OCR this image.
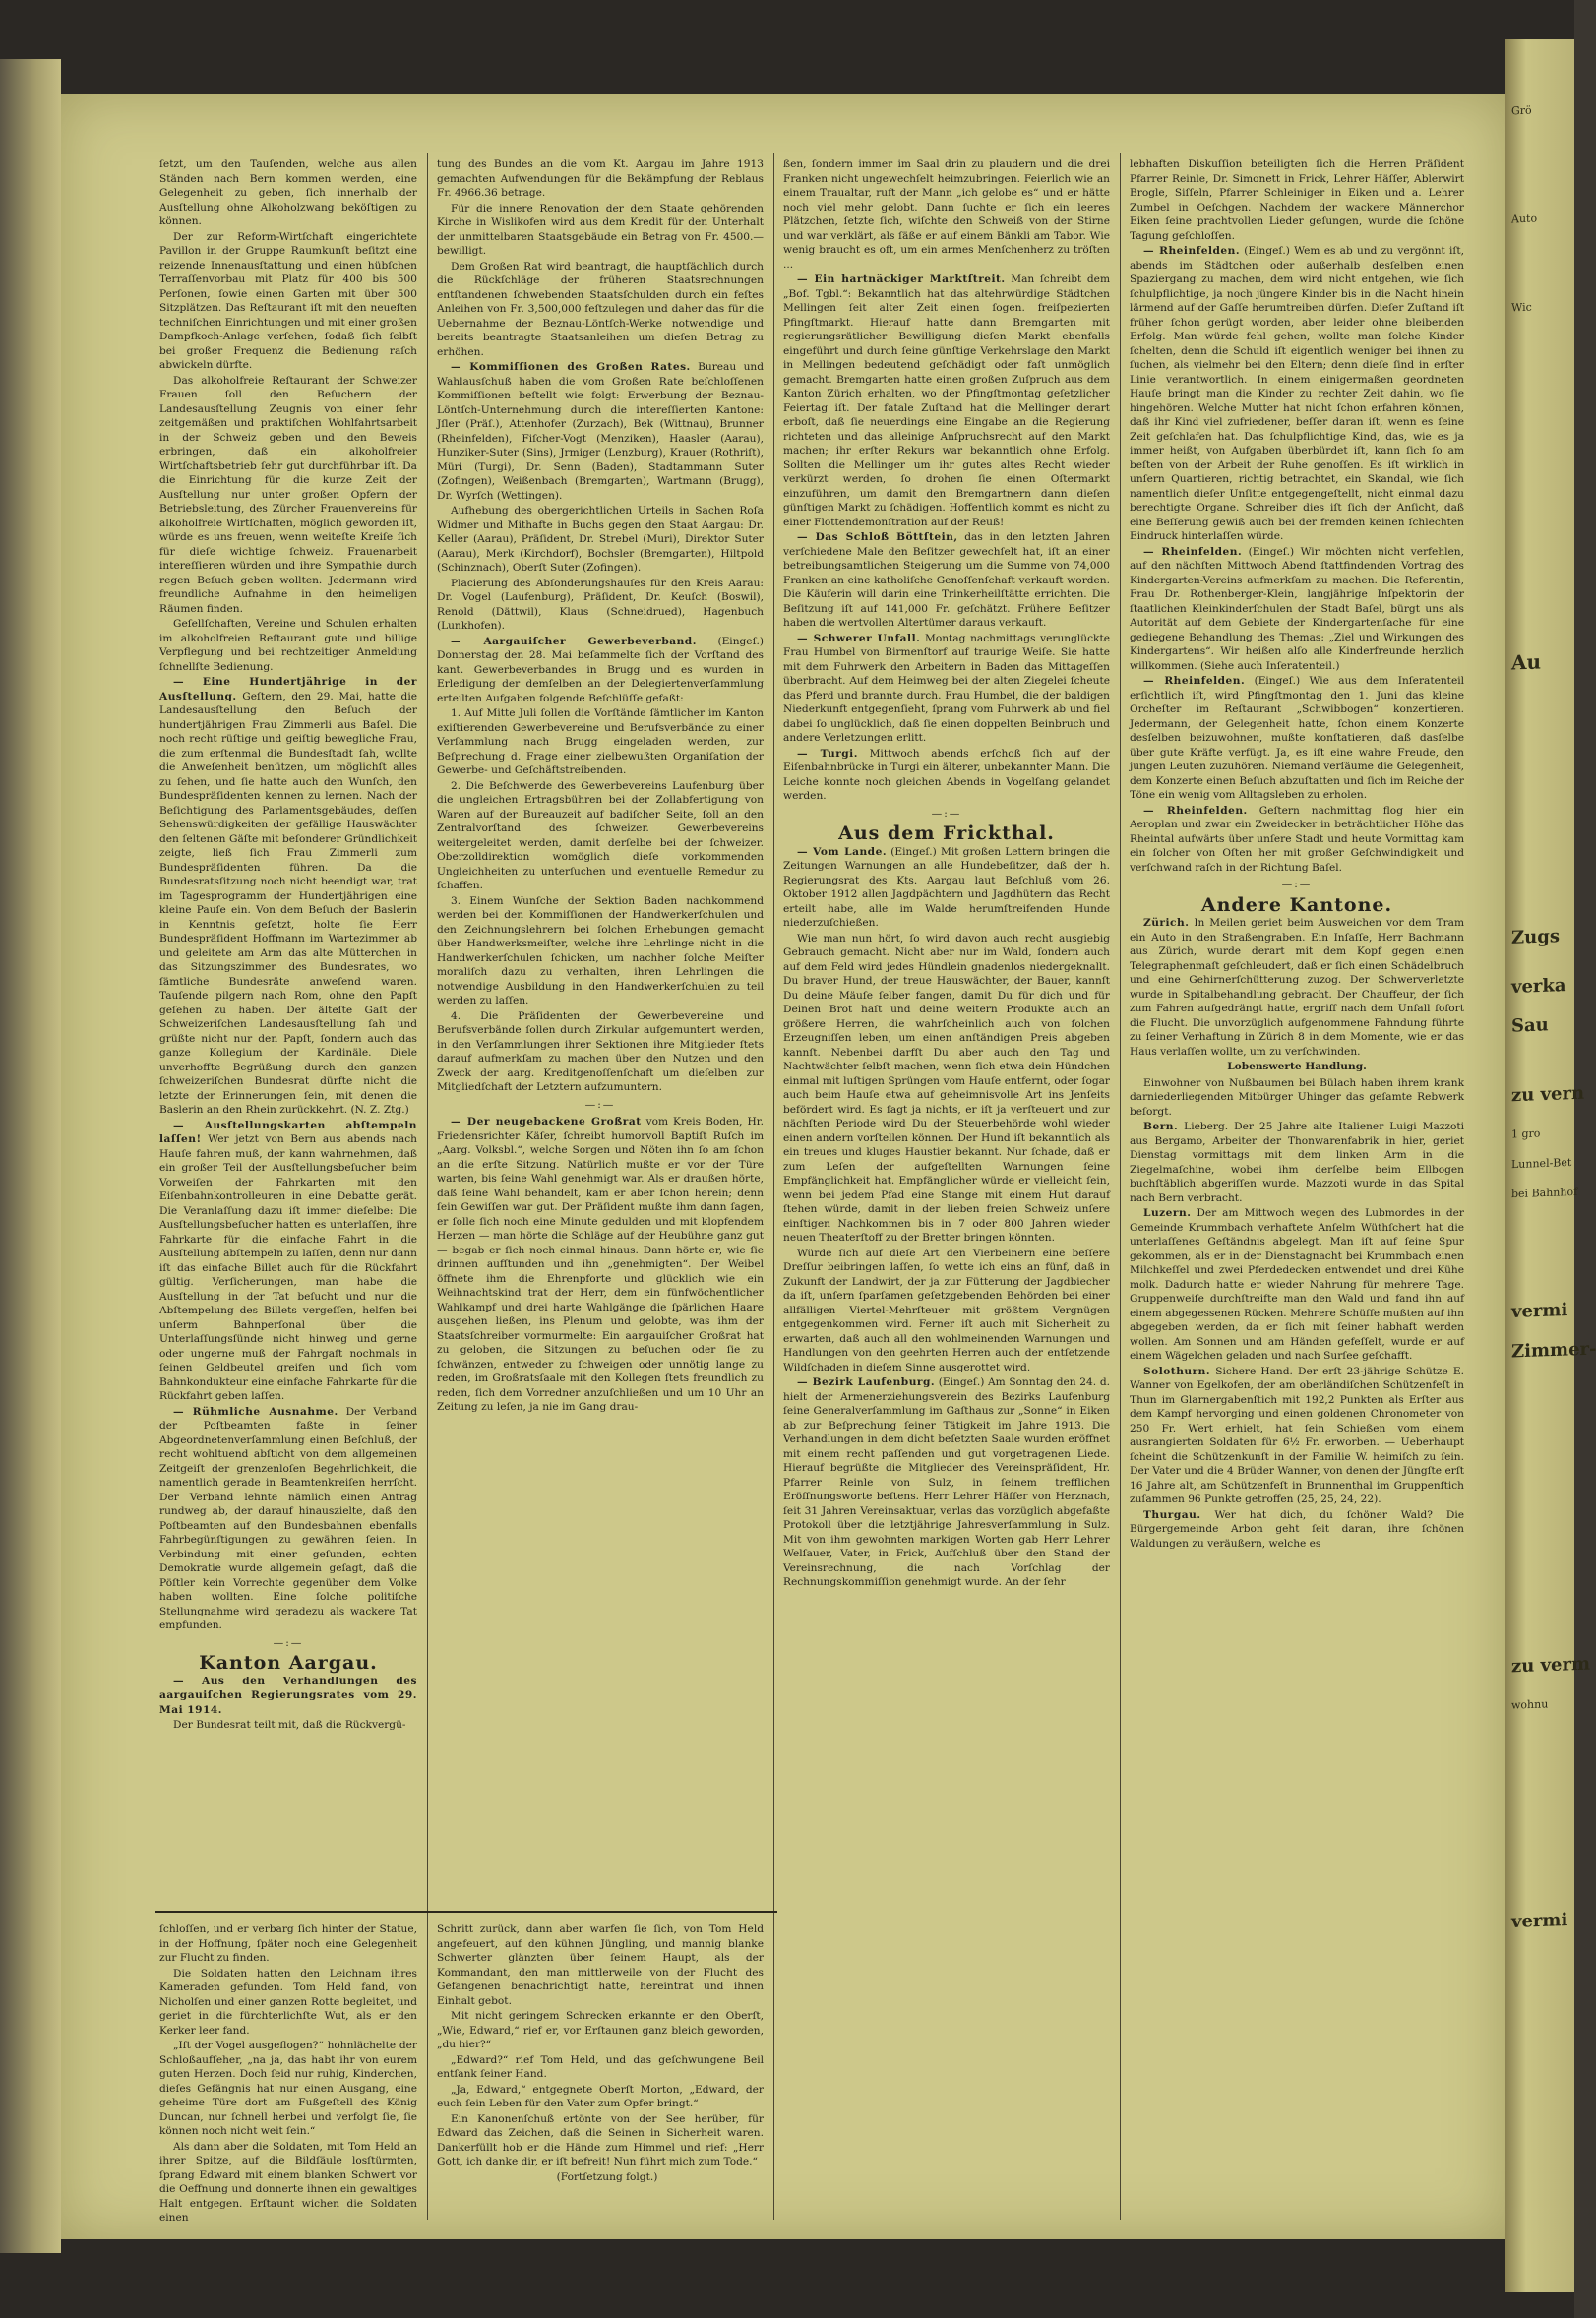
Grö
Auto
Wic
Au
Zugs
verka
Sau
zu vern
1 gro
Lunnel-Bet
bei Bahnhof
vermi
Zimmer-
zu verm
wohnu
vermi

ſetzt, um den Tauſenden, welche aus allen Ständen nach Bern kommen werden, eine Gelegenheit zu geben, ſich innerhalb der Ausſtellung ohne Alkoholzwang beköſtigen zu können.

Der zur Reform-Wirtſchaft eingerichtete Pavillon in der Gruppe Raumkunſt beſitzt eine reizende Innenausſtattung und einen hübſchen Terraſſenvorbau mit Platz für 400 bis 500 Perſonen, ſowie einen Garten mit über 500 Sitzplätzen. Das Reſtaurant iſt mit den neueſten techniſchen Einrichtungen und mit einer großen Dampfkoch-Anlage verſehen, ſodaß ſich ſelbſt bei großer Frequenz die Bedienung raſch abwickeln dürfte.

Das alkoholfreie Reſtaurant der Schweizer Frauen ſoll den Beſuchern der Landesausſtellung Zeugnis von einer ſehr zeitgemäßen und praktiſchen Wohlfahrtsarbeit in der Schweiz geben und den Beweis erbringen, daß ein alkoholfreier Wirtſchaftsbetrieb ſehr gut durchführbar iſt. Da die Einrichtung für die kurze Zeit der Ausſtellung nur unter großen Opfern der Betriebsleitung, des Zürcher Frauenvereins für alkoholfreie Wirtſchaften, möglich geworden iſt, würde es uns freuen, wenn weiteſte Kreiſe ſich für dieſe wichtige ſchweiz. Frauenarbeit intereſſieren würden und ihre Sympathie durch regen Beſuch geben wollten. Jedermann wird freundliche Aufnahme in den heimeligen Räumen finden.

Geſellſchaften, Vereine und Schulen erhalten im alkoholfreien Reſtaurant gute und billige Verpflegung und bei rechtzeitiger Anmeldung ſchnellſte Bedienung.

— Eine Hundertjährige in der Ausſtellung. Geſtern, den 29. Mai, hatte die Landesausſtellung den Beſuch der hundertjährigen Frau Zimmerli aus Baſel. Die noch recht rüſtige und geiſtig bewegliche Frau, die zum erſtenmal die Bundesſtadt ſah, wollte die Anweſenheit benützen, um möglichſt alles zu ſehen, und ſie hatte auch den Wunſch, den Bundespräſidenten kennen zu lernen. Nach der Beſichtigung des Parlamentsgebäudes, deſſen Sehenswürdigkeiten der gefällige Hauswächter den ſeltenen Gäſte mit beſonderer Gründlichkeit zeigte, ließ ſich Frau Zimmerli zum Bundespräſidenten führen. Da die Bundesratsſitzung noch nicht beendigt war, trat im Tagesprogramm der Hundertjährigen eine kleine Pauſe ein. Von dem Beſuch der Baslerin in Kenntnis geſetzt, holte ſie Herr Bundespräſident Hoffmann im Wartezimmer ab und geleitete am Arm das alte Mütterchen in das Sitzungszimmer des Bundesrates, wo ſämtliche Bundesräte anweſend waren. Tauſende pilgern nach Rom, ohne den Papſt geſehen zu haben. Der älteſte Gaſt der Schweizeriſchen Landesausſtellung ſah und grüßte nicht nur den Papſt, ſondern auch das ganze Kollegium der Kardinäle. Diele unverhoffte Begrüßung durch den ganzen ſchweizeriſchen Bundesrat dürfte nicht die letzte der Erinnerungen ſein, mit denen die Baslerin an den Rhein zurückkehrt. (N. Z. Ztg.)

— Ausſtellungskarten abſtempeln laſſen! Wer jetzt von Bern aus abends nach Hauſe fahren muß, der kann wahrnehmen, daß ein großer Teil der Ausſtellungsbeſucher beim Vorweiſen der Fahrkarten mit den Eiſenbahnkontrolleuren in eine Debatte gerät. Die Veranlaſſung dazu iſt immer dieſelbe: Die Ausſtellungsbeſucher hatten es unterlaſſen, ihre Fahrkarte für die einfache Fahrt in die Ausſtellung abſtempeln zu laſſen, denn nur dann iſt das einfache Billet auch für die Rückfahrt gültig. Verſicherungen, man habe die Ausſtellung in der Tat beſucht und nur die Abſtempelung des Billets vergeſſen, helfen bei unſerm Bahnperſonal über die Unterlaſſungsſünde nicht hinweg und gerne oder ungerne muß der Fahrgaſt nochmals in ſeinen Geldbeutel greifen und ſich vom Bahnkondukteur eine einfache Fahrkarte für die Rückfahrt geben laſſen.

— Rühmliche Ausnahme. Der Verband der Poſtbeamten faßte in ſeiner Abgeordnetenverſammlung einen Beſchluß, der recht wohltuend abſticht von dem allgemeinen Zeitgeiſt der grenzenloſen Begehrlichkeit, die namentlich gerade in Beamtenkreiſen herrſcht. Der Verband lehnte nämlich einen Antrag rundweg ab, der darauf hinauszielte, daß den Poſtbeamten auf den Bundesbahnen ebenfalls Fahrbegünſtigungen zu gewähren ſeien. In Verbindung mit einer geſunden, echten Demokratie wurde allgemein geſagt, daß die Pöſtler kein Vorrechte gegenüber dem Volke haben wollten. Eine ſolche politiſche Stellungnahme wird geradezu als wackere Tat empfunden.

—:—
Kanton Aargau.

— Aus den Verhandlungen des aargauiſchen Regierungsrates vom 29. Mai 1914.

Der Bundesrat teilt mit, daß die Rückvergü-

tung des Bundes an die vom Kt. Aargau im Jahre 1913 gemachten Aufwendungen für die Bekämpfung der Reblaus Fr. 4966.36 betrage.

Für die innere Renovation der dem Staate gehörenden Kirche in Wislikofen wird aus dem Kredit für den Unterhalt der unmittelbaren Staatsgebäude ein Betrag von Fr. 4500.— bewilligt.

Dem Großen Rat wird beantragt, die hauptſächlich durch die Rückſchläge der früheren Staatsrechnungen entſtandenen ſchwebenden Staatsſchulden durch ein feſtes Anleihen von Fr. 3,500,000 feſtzulegen und daher das für die Uebernahme der Beznau-Löntſch-Werke notwendige und bereits beantragte Staatsanleihen um dieſen Betrag zu erhöhen.

— Kommiſſionen des Großen Rates. Bureau und Wahlausſchuß haben die vom Großen Rate beſchloſſenen Kommiſſionen beſtellt wie folgt: Erwerbung der Beznau-Löntſch-Unternehmung durch die intereſſierten Kantone: Jſler (Präſ.), Attenhofer (Zurzach), Bek (Wittnau), Brunner (Rheinfelden), Fiſcher-Vogt (Menziken), Haasler (Aarau), Hunziker-Suter (Sins), Jrmiger (Lenzburg), Krauer (Rothriſt), Müri (Turgi), Dr. Senn (Baden), Stadtammann Suter (Zofingen), Weißenbach (Bremgarten), Wartmann (Brugg), Dr. Wyrſch (Wettingen).

Aufhebung des obergerichtlichen Urteils in Sachen Roſa Widmer und Mithafte in Buchs gegen den Staat Aargau: Dr. Keller (Aarau), Präſident, Dr. Strebel (Muri), Direktor Suter (Aarau), Merk (Kirchdorf), Bochsler (Bremgarten), Hiltpold (Schinznach), Oberſt Suter (Zofingen).

Placierung des Abſonderungshauſes für den Kreis Aarau: Dr. Vogel (Laufenburg), Präſident, Dr. Keuſch (Boswil), Renold (Dättwil), Klaus (Schneidrued), Hagenbuch (Lunkhofen).

— Aargauiſcher Gewerbeverband. (Eingeſ.) Donnerstag den 28. Mai beſammelte ſich der Vorſtand des kant. Gewerbeverbandes in Brugg und es wurden in Erledigung der demſelben an der Delegiertenverſammlung erteilten Aufgaben folgende Beſchlüſſe gefaßt:

1. Auf Mitte Juli ſollen die Vorſtände ſämtlicher im Kanton exiſtierenden Gewerbevereine und Berufsverbände zu einer Verſammlung nach Brugg eingeladen werden, zur Beſprechung d. Frage einer zielbewußten Organiſation der Gewerbe- und Geſchäftstreibenden.

2. Die Beſchwerde des Gewerbevereins Laufenburg über die ungleichen Ertragsbühren bei der Zollabfertigung von Waren auf der Bureauzeit auf badiſcher Seite, ſoll an den Zentralvorſtand des ſchweizer. Gewerbevereins weitergeleitet werden, damit derſelbe bei der ſchweizer. Oberzolldirektion womöglich dieſe vorkommenden Ungleichheiten zu unterſuchen und eventuelle Remedur zu ſchaffen.

3. Einem Wunſche der Sektion Baden nachkommend werden bei den Kommiſſionen der Handwerkerſchulen und den Zeichnungslehrern bei ſolchen Erhebungen gemacht über Handwerksmeiſter, welche ihre Lehrlinge nicht in die Handwerkerſchulen ſchicken, um nachher ſolche Meiſter moraliſch dazu zu verhalten, ihren Lehrlingen die notwendige Ausbildung in den Handwerkerſchulen zu teil werden zu laſſen.

4. Die Präſidenten der Gewerbevereine und Berufsverbände ſollen durch Zirkular aufgemuntert werden, in den Verſammlungen ihrer Sektionen ihre Mitglieder ſtets darauf aufmerkſam zu machen über den Nutzen und den Zweck der aarg. Kreditgenoſſenſchaft um dieſelben zur Mitgliedſchaft der Letztern aufzumuntern.

—:—

— Der neugebackene Großrat vom Kreis Boden, Hr. Friedensrichter Käſer, ſchreibt humorvoll Baptiſt Ruſch im „Aarg. Volksbl.“, welche Sorgen und Nöten ihn ſo am ſchon an die erſte Sitzung. Natürlich mußte er vor der Türe warten, bis ſeine Wahl genehmigt war. Als er draußen hörte, daß ſeine Wahl behandelt, kam er aber ſchon herein; denn ſein Gewiſſen war gut. Der Präſident mußte ihm dann ſagen, er ſolle ſich noch eine Minute gedulden und mit klopfendem Herzen — man hörte die Schläge auf der Heubühne ganz gut — begab er ſich noch einmal hinaus. Dann hörte er, wie ſie drinnen aufſtunden und ihn „genehmigten“. Der Weibel öffnete ihm die Ehrenpforte und glücklich wie ein Weihnachtskind trat der Herr, dem ein fünfwöchentlicher Wahlkampf und drei harte Wahlgänge die ſpärlichen Haare ausgehen ließen, ins Plenum und gelobte, was ihm der Staatsſchreiber vormurmelte: Ein aargauiſcher Großrat hat zu geloben, die Sitzungen zu beſuchen oder ſie zu ſchwänzen, entweder zu ſchweigen oder unnötig lange zu reden, im Großratsſaale mit den Kollegen ſtets freundlich zu reden, ſich dem Vorredner anzuſchließen und um 10 Uhr an Zeitung zu leſen, ja nie im Gang drau-

ßen, ſondern immer im Saal drin zu plaudern und die drei Franken nicht ungewechſelt heimzubringen. Feierlich wie an einem Traualtar, ruft der Mann „ich gelobe es“ und er hätte noch viel mehr gelobt. Dann ſuchte er ſich ein leeres Plätzchen, ſetzte ſich, wiſchte den Schweiß von der Stirne und war verklärt, als ſäße er auf einem Bänkli am Tabor. Wie wenig braucht es oft, um ein armes Menſchenherz zu tröſten ...

— Ein hartnäckiger Marktſtreit. Man ſchreibt dem „Bof. Tgbl.“: Bekanntlich hat das altehrwürdige Städtchen Mellingen ſeit alter Zeit einen ſogen. freiſpezierten Pfingſtmarkt. Hierauf hatte dann Bremgarten mit regierungsrätlicher Bewilligung dieſen Markt ebenfalls eingeführt und durch ſeine günſtige Verkehrslage den Markt in Mellingen bedeutend geſchädigt oder faſt unmöglich gemacht. Bremgarten hatte einen großen Zuſpruch aus dem Kanton Zürich erhalten, wo der Pfingſtmontag geſetzlicher Feiertag iſt. Der fatale Zuſtand hat die Mellinger derart erboſt, daß ſie neuerdings eine Eingabe an die Regierung richteten und das alleinige Anſpruchsrecht auf den Markt machen; ihr erſter Rekurs war bekanntlich ohne Erfolg. Sollten die Mellinger um ihr gutes altes Recht wieder verkürzt werden, ſo drohen ſie einen Oſtermarkt einzuführen, um damit den Bremgartnern dann dieſen günſtigen Markt zu ſchädigen. Hoffentlich kommt es nicht zu einer Flottendemonſtration auf der Reuß!

— Das Schloß Böttſtein, das in den letzten Jahren verſchiedene Male den Beſitzer gewechſelt hat, iſt an einer betreibungsamtlichen Steigerung um die Summe von 74,000 Franken an eine katholiſche Genoſſenſchaft verkauft worden. Die Käuferin will darin eine Trinkerheilſtätte errichten. Die Beſitzung iſt auf 141,000 Fr. geſchätzt. Frühere Beſitzer haben die wertvollen Altertümer daraus verkauft.

— Schwerer Unfall. Montag nachmittags verunglückte Frau Humbel von Birmenſtorf auf traurige Weiſe. Sie hatte mit dem Fuhrwerk den Arbeitern in Baden das Mittageſſen überbracht. Auf dem Heimweg bei der alten Ziegelei ſcheute das Pferd und brannte durch. Frau Humbel, die der baldigen Niederkunft entgegenſieht, ſprang vom Fuhrwerk ab und fiel dabei ſo unglücklich, daß ſie einen doppelten Beinbruch und andere Verletzungen erlitt.

— Turgi. Mittwoch abends erſchoß ſich auf der Eiſenbahnbrücke in Turgi ein älterer, unbekannter Mann. Die Leiche konnte noch gleichen Abends in Vogelſang gelandet werden.

—:—
Aus dem Frickthal.

— Vom Lande. (Eingeſ.) Mit großen Lettern bringen die Zeitungen Warnungen an alle Hundebeſitzer, daß der h. Regierungsrat des Kts. Aargau laut Beſchluß vom 26. Oktober 1912 allen Jagdpächtern und Jagdhütern das Recht erteilt habe, alle im Walde herumſtreifenden Hunde niederzuſchießen.

Wie man nun hört, ſo wird davon auch recht ausgiebig Gebrauch gemacht. Nicht aber nur im Wald, ſondern auch auf dem Feld wird jedes Hündlein gnadenlos niedergeknallt. Du braver Hund, der treue Hauswächter, der Bauer, kannſt Du deine Mäuſe ſelber fangen, damit Du für dich und für Deinen Brot haſt und deine weitern Produkte auch an größere Herren, die wahrſcheinlich auch von ſolchen Erzeugniſſen leben, um einen anſtändigen Preis abgeben kannſt. Nebenbei darfſt Du aber auch den Tag und Nachtwächter ſelbſt machen, wenn ſich etwa dein Hündchen einmal mit luſtigen Sprüngen vom Hauſe entfernt, oder ſogar auch beim Hauſe etwa auf geheimnisvolle Art ins Jenſeits befördert wird. Es ſagt ja nichts, er iſt ja verſteuert und zur nächſten Periode wird Du der Steuerbehörde wohl wieder einen andern vorſtellen können. Der Hund iſt bekanntlich als ein treues und kluges Haustier bekannt. Nur ſchade, daß er zum Leſen der aufgeſtellten Warnungen ſeine Empfänglichkeit hat. Empfänglicher würde er vielleicht ſein, wenn bei jedem Pfad eine Stange mit einem Hut darauf ſtehen würde, damit in der lieben freien Schweiz unſere einſtigen Nachkommen bis in 7 oder 800 Jahren wieder neuen Theaterſtoff zu der Bretter bringen könnten.

Würde ſich auf dieſe Art den Vierbeinern eine beſſere Dreſſur beibringen laſſen, ſo wette ich eins an fünf, daß in Zukunft der Landwirt, der ja zur Fütterung der Jagdbiecher da iſt, unſern ſparſamen geſetzgebenden Behörden bei einer allfälligen Viertel-Mehrſteuer mit größtem Vergnügen entgegenkommen wird. Ferner iſt auch mit Sicherheit zu erwarten, daß auch all den wohlmeinenden Warnungen und Handlungen von den geehrten Herren auch der entſetzende Wildſchaden in dieſem Sinne ausgerottet wird.

— Bezirk Laufenburg. (Eingeſ.) Am Sonntag den 24. d. hielt der Armenerziehungsverein des Bezirks Laufenburg ſeine Generalverſammlung im Gaſthaus zur „Sonne“ in Eiken ab zur Beſprechung ſeiner Tätigkeit im Jahre 1913. Die Verhandlungen in dem dicht beſetzten Saale wurden eröffnet mit einem recht paſſenden und gut vorgetragenen Liede. Hierauf begrüßte die Mitglieder des Vereinspräſident, Hr. Pfarrer Reinle von Sulz, in ſeinem trefflichen Eröffnungsworte beſtens. Herr Lehrer Häſſer von Herznach, ſeit 31 Jahren Vereinsaktuar, verlas das vorzüglich abgefaßte Protokoll über die letztjährige Jahresverſammlung in Sulz. Mit von ihm gewohnten markigen Worten gab Herr Lehrer Welſauer, Vater, in Frick, Aufſchluß über den Stand der Vereinsrechnung, die nach Vorſchlag der Rechnungskommiſſion genehmigt wurde. An der ſehr

lebhaften Diskuſſion beteiligten ſich die Herren Präſident Pfarrer Reinle, Dr. Simonett in Frick, Lehrer Häſſer, Ablerwirt Brogle, Siſſeln, Pfarrer Schleiniger in Eiken und a. Lehrer Zumbel in Oeſchgen. Nachdem der wackere Männerchor Eiken ſeine prachtvollen Lieder geſungen, wurde die ſchöne Tagung geſchloſſen.

— Rheinfelden. (Eingeſ.) Wem es ab und zu vergönnt iſt, abends im Städtchen oder außerhalb desſelben einen Spaziergang zu machen, dem wird nicht entgehen, wie ſich ſchulpflichtige, ja noch jüngere Kinder bis in die Nacht hinein lärmend auf der Gaſſe herumtreiben dürfen. Dieſer Zuſtand iſt früher ſchon gerügt worden, aber leider ohne bleibenden Erfolg. Man würde fehl gehen, wollte man ſolche Kinder ſchelten, denn die Schuld iſt eigentlich weniger bei ihnen zu ſuchen, als vielmehr bei den Eltern; denn dieſe ſind in erſter Linie verantwortlich. In einem einigermaßen geordneten Hauſe bringt man die Kinder zu rechter Zeit dahin, wo ſie hingehören. Welche Mutter hat nicht ſchon erfahren können, daß ihr Kind viel zufriedener, beſſer daran iſt, wenn es ſeine Zeit geſchlafen hat. Das ſchulpflichtige Kind, das, wie es ja immer heißt, von Aufgaben überbürdet iſt, kann ſich ſo am beſten von der Arbeit der Ruhe genoſſen. Es iſt wirklich in unſern Quartieren, richtig betrachtet, ein Skandal, wie ſich namentlich dieſer Unſitte entgegengeſtellt, nicht einmal dazu berechtigte Organe. Schreiber dies iſt ſich der Anſicht, daß eine Beſſerung gewiß auch bei der fremden keinen ſchlechten Eindruck hinterlaſſen würde.

— Rheinfelden. (Eingeſ.) Wir möchten nicht verfehlen, auf den nächſten Mittwoch Abend ſtattfindenden Vortrag des Kindergarten-Vereins aufmerkſam zu machen. Die Referentin, Frau Dr. Rothenberger-Klein, langjährige Inſpektorin der ſtaatlichen Kleinkinderſchulen der Stadt Baſel, bürgt uns als Autorität auf dem Gebiete der Kindergartenſache für eine gediegene Behandlung des Themas: „Ziel und Wirkungen des Kindergartens“. Wir heißen alſo alle Kinderfreunde herzlich willkommen. (Siehe auch Inſeratenteil.)

— Rheinfelden. (Eingeſ.) Wie aus dem Inſeratenteil erſichtlich iſt, wird Pfingſtmontag den 1. Juni das kleine Orcheſter im Reſtaurant „Schwibbogen“ konzertieren. Jedermann, der Gelegenheit hatte, ſchon einem Konzerte desſelben beizuwohnen, mußte konſtatieren, daß dasſelbe über gute Kräfte verfügt. Ja, es iſt eine wahre Freude, den jungen Leuten zuzuhören. Niemand verſäume die Gelegenheit, dem Konzerte einen Beſuch abzuſtatten und ſich im Reiche der Töne ein wenig vom Alltagsleben zu erholen.

— Rheinfelden. Geſtern nachmittag flog hier ein Aeroplan und zwar ein Zweidecker in beträchtlicher Höhe das Rheintal aufwärts über unſere Stadt und heute Vormittag kam ein ſolcher von Oſten her mit großer Geſchwindigkeit und verſchwand raſch in der Richtung Baſel.

—:—
Andere Kantone.

Zürich. In Meilen geriet beim Ausweichen vor dem Tram ein Auto in den Straßengraben. Ein Inſaſſe, Herr Bachmann aus Zürich, wurde derart mit dem Kopf gegen einen Telegraphenmaſt geſchleudert, daß er ſich einen Schädelbruch und eine Gehirnerſchütterung zuzog. Der Schwerverletzte wurde in Spitalbehandlung gebracht. Der Chauffeur, der ſich zum Fahren aufgedrängt hatte, ergriff nach dem Unfall ſofort die Flucht. Die unvorzüglich aufgenommene Fahndung führte zu ſeiner Verhaftung in Zürich 8 in dem Momente, wie er das Haus verlaſſen wollte, um zu verſchwinden.

Lobenswerte Handlung.

Einwohner von Nußbaumen bei Bülach haben ihrem krank darniederliegenden Mitbürger Uhinger das geſamte Rebwerk beſorgt.

Bern. Lieberg. Der 25 Jahre alte Italiener Luigi Mazzoti aus Bergamo, Arbeiter der Thonwarenfabrik in hier, geriet Dienstag vormittags mit dem linken Arm in die Ziegelmaſchine, wobei ihm derſelbe beim Ellbogen buchſtäblich abgeriſſen wurde. Mazzoti wurde in das Spital nach Bern verbracht.

Luzern. Der am Mittwoch wegen des Lubmordes in der Gemeinde Krummbach verhaftete Anſelm Wüthſchert hat die unterlaſſenes Geſtändnis abgelegt. Man iſt auf ſeine Spur gekommen, als er in der Dienstagnacht bei Krummbach einen Milchkeſſel und zwei Pferdedecken entwendet und drei Kühe molk. Dadurch hatte er wieder Nahrung für mehrere Tage. Gruppenweiſe durchſtreifte man den Wald und fand ihn auf einem abgegessenen Rücken. Mehrere Schüſſe mußten auf ihn abgegeben werden, da er ſich mit ſeiner habhaft werden wollen. Am Sonnen und am Händen gefeſſelt, wurde er auf einem Wägelchen geladen und nach Surſee geſchafft.

Solothurn. Sichere Hand. Der erſt 23-jährige Schütze E. Wanner von Egelkofen, der am oberländiſchen Schützenfeſt in Thun im Glarnergabenſtich mit 192,2 Punkten als Erſter aus dem Kampf hervorging und einen goldenen Chronometer von 250 Fr. Wert erhielt, hat ſein Schießen vom einem ausrangierten Soldaten für 6½ Fr. erworben. — Ueberhaupt ſcheint die Schützenkunſt in der Familie W. heimiſch zu ſein. Der Vater und die 4 Brüder Wanner, von denen der Jüngſte erſt 16 Jahre alt, am Schützenfeſt in Brunnenthal im Gruppenſtich zuſammen 96 Punkte getroffen (25, 25, 24, 22).

Thurgau. Wer hat dich, du ſchöner Wald? Die Bürgergemeinde Arbon geht ſeit daran, ihre ſchönen Waldungen zu veräußern, welche es

ſchloſſen, und er verbarg ſich hinter der Statue, in der Hoffnung, ſpäter noch eine Gelegenheit zur Flucht zu finden.

Die Soldaten hatten den Leichnam ihres Kameraden gefunden. Tom Held fand, von Nicholſen und einer ganzen Rotte begleitet, und geriet in die fürchterlichſte Wut, als er den Kerker leer fand.

„Iſt der Vogel ausgeflogen?“ hohnlächelte der Schloßaufſeher, „na ja, das habt ihr von eurem guten Herzen. Doch ſeid nur ruhig, Kinderchen, dieſes Gefängnis hat nur einen Ausgang, eine geheime Türe dort am Fußgeſtell des König Duncan, nur ſchnell herbei und verfolgt ſie, ſie können noch nicht weit ſein.“

Als dann aber die Soldaten, mit Tom Held an ihrer Spitze, auf die Bildſäule losſtürmten, ſprang Edward mit einem blanken Schwert vor die Oeffnung und donnerte ihnen ein gewaltiges Halt entgegen. Erſtaunt wichen die Soldaten einen

Schritt zurück, dann aber warfen ſie ſich, von Tom Held angefeuert, auf den kühnen Jüngling, und mannig blanke Schwerter glänzten über ſeinem Haupt, als der Kommandant, den man mittlerweile von der Flucht des Gefangenen benachrichtigt hatte, hereintrat und ihnen Einhalt gebot.

Mit nicht geringem Schrecken erkannte er den Oberſt, „Wie, Edward,“ rief er, vor Erſtaunen ganz bleich geworden, „du hier?“

„Edward?“ rief Tom Held, und das geſchwungene Beil entſank ſeiner Hand.

„Ja, Edward,“ entgegnete Oberſt Morton, „Edward, der euch ſein Leben für den Vater zum Opfer bringt.“

Ein Kanonenſchuß ertönte von der See herüber, für Edward das Zeichen, daß die Seinen in Sicherheit waren. Dankerfüllt hob er die Hände zum Himmel und rief: „Herr Gott, ich danke dir, er iſt befreit! Nun führt mich zum Tode.“

(Fortſetzung folgt.)
